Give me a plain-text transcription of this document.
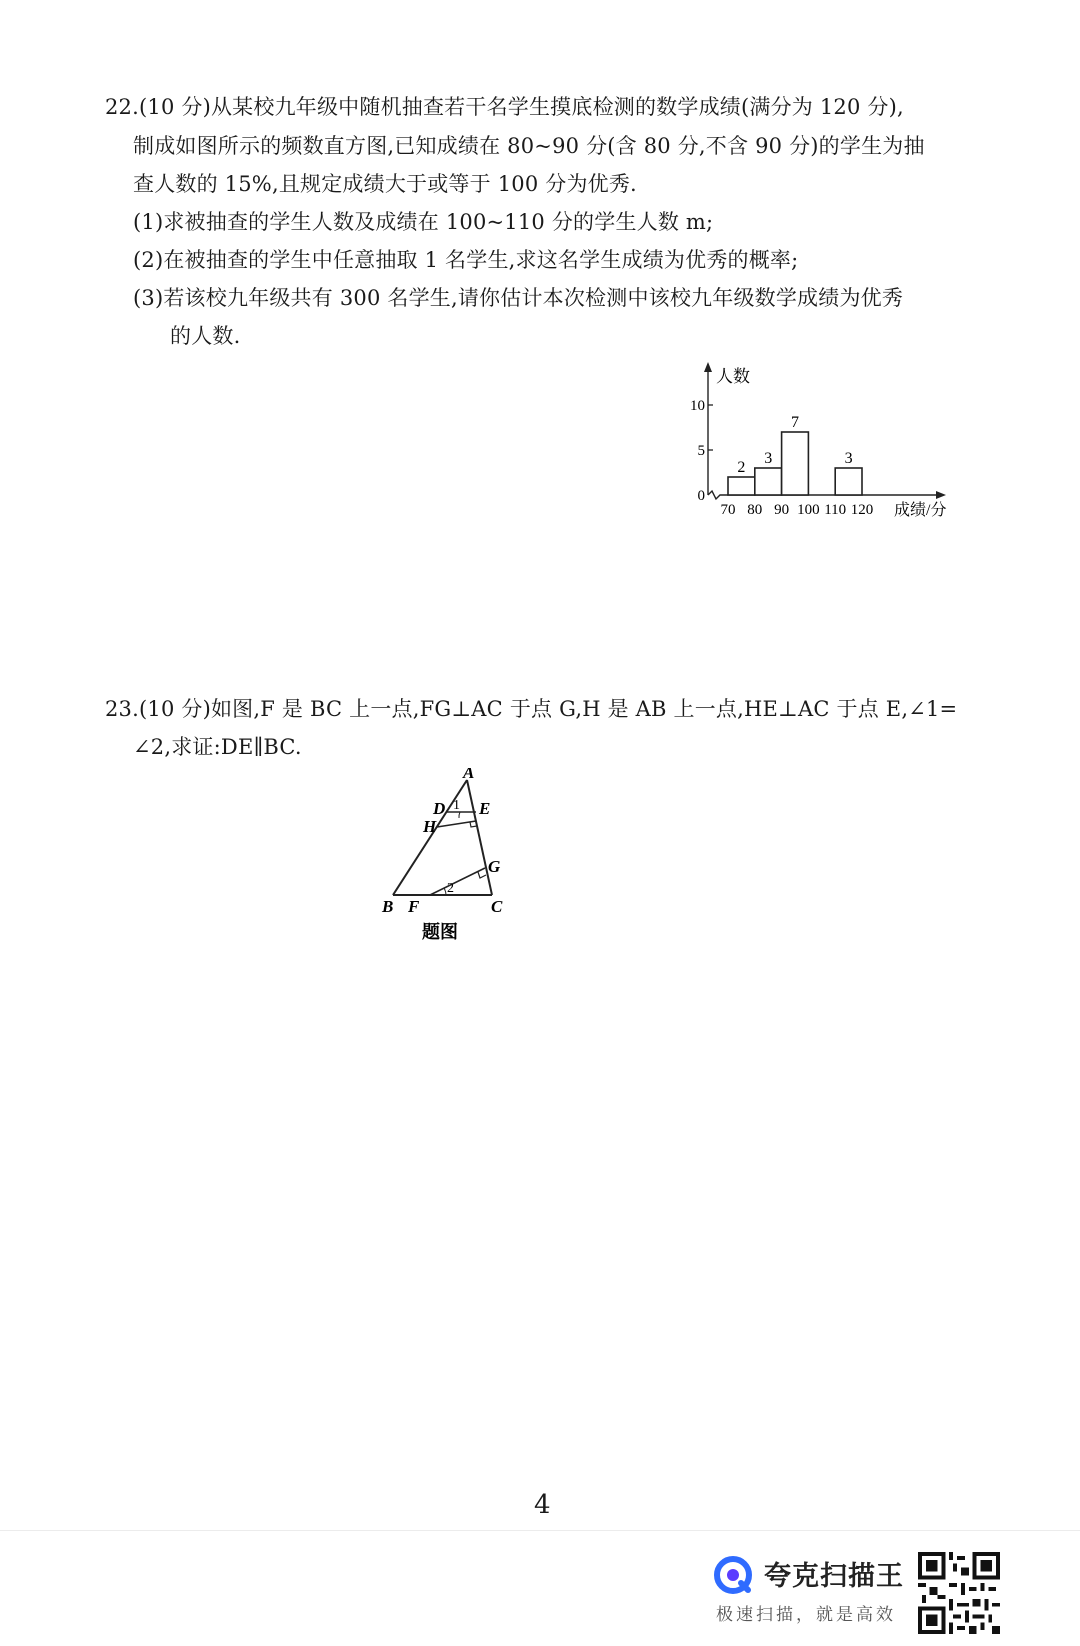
22.(10 分)从某校九年级中随机抽查若干名学生摸底检测的数学成绩(满分为 120 分),
制成如图所示的频数直方图,已知成绩在 80~90 分(含 80 分,不含 90 分)的学生为抽
查人数的 15%,且规定成绩大于或等于 100 分为优秀.
(1)求被抽查的学生人数及成绩在 100~110 分的学生人数 m;
(2)在被抽查的学生中任意抽取 1 名学生,求这名学生成绩为优秀的概率;
(3)若该校九年级共有 300 名学生,请你估计本次检测中该校九年级数学成绩为优秀
的人数.
0
5
10
70 80 90 100 110 120
2
3
7
3
人数
成绩/分
23.(10 分)如图,F 是 BC 上一点,FG⊥AC 于点 G,H 是 AB 上一点,HE⊥AC 于点 E,∠1=
∠2,求证:DE∥BC.
A
D E
H
G
B F	C
1
2
题图
4
夸克扫描王
极速扫描，就是高效
